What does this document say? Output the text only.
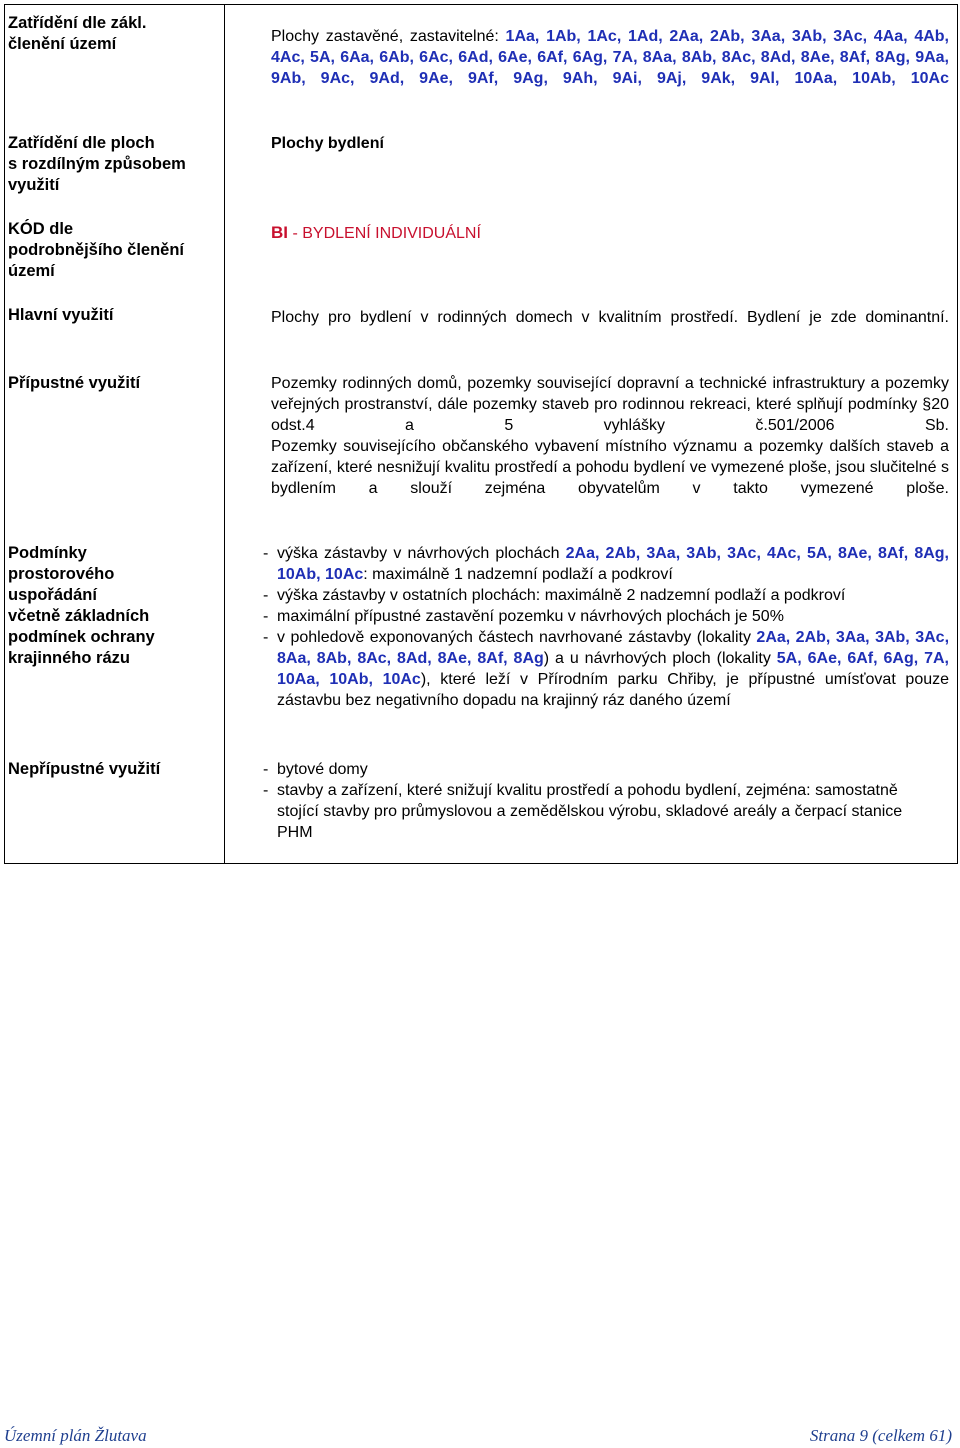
Zatřídění dle zákl.
členění území
Zatřídění dle ploch
s rozdílným způsobem
využití
KÓD dle
podrobnějšího členění
území
Hlavní využití
Přípustné využití
Podmínky
prostorového
uspořádání
včetně základních
podmínek ochrany
krajinného rázu
Nepřípustné využití
Plochy zastavěné, zastavitelné: 1Aa, 1Ab, 1Ac, 1Ad, 2Aa, 2Ab, 3Aa, 3Ab, 3Ac, 4Aa, 4Ab, 4Ac, 5A, 6Aa, 6Ab, 6Ac, 6Ad, 6Ae, 6Af, 6Ag, 7A, 8Aa, 8Ab, 8Ac, 8Ad, 8Ae, 8Af, 8Ag, 9Aa, 9Ab, 9Ac, 9Ad, 9Ae, 9Af, 9Ag, 9Ah, 9Ai, 9Aj, 9Ak, 9Al, 10Aa, 10Ab, 10Ac
Plochy bydlení
BI - BYDLENÍ INDIVIDUÁLNÍ
Plochy pro bydlení v rodinných domech v kvalitním prostředí. Bydlení je zde dominantní.
Pozemky rodinných domů, pozemky související dopravní a technické infrastruktury a pozemky veřejných prostranství, dále pozemky staveb pro rodinnou rekreaci, které splňují podmínky §20 odst.4 a 5 vyhlášky č.501/2006 Sb.
Pozemky souvisejícího občanského vybavení místního významu a pozemky dalších staveb a zařízení, které nesnižují kvalitu prostředí a pohodu bydlení ve vymezené ploše, jsou slučitelné s bydlením a slouží zejména obyvatelům v takto vymezené ploše.
- výška zástavby v návrhových plochách 2Aa, 2Ab, 3Aa, 3Ab, 3Ac, 4Ac, 5A, 8Ae, 8Af, 8Ag, 10Ab, 10Ac: maximálně 1 nadzemní podlaží a podkroví
- výška zástavby v ostatních plochách: maximálně 2 nadzemní podlaží a podkroví
- maximální přípustné zastavění pozemku v návrhových plochách je 50%
- v pohledově exponovaných částech navrhované zástavby (lokality 2Aa, 2Ab, 3Aa, 3Ab, 3Ac, 8Aa, 8Ab, 8Ac, 8Ad, 8Ae, 8Af, 8Ag) a u návrhových ploch (lokality 5A, 6Ae, 6Af, 6Ag, 7A, 10Aa, 10Ab, 10Ac), které leží v Přírodním parku Chřiby, je přípustné umísťovat pouze zástavbu bez negativního dopadu na krajinný ráz daného území
- bytové domy
- stavby a zařízení, které snižují kvalitu prostředí a pohodu bydlení, zejména: samostatně stojící stavby pro průmyslovou a zemědělskou výrobu, skladové areály a čerpací stanice PHM
Územní plán Žlutava	Strana 9 (celkem 61)
